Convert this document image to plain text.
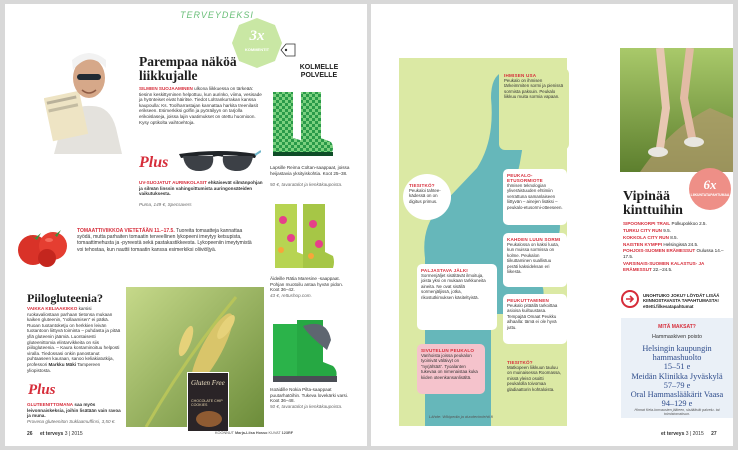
TERVEYDEKSI
3x
KOMMENTIT
Parempaa näköä liikkujalle
SILMIEN SUOJAAMINEN ulkona liikkuessa on tärkeää: tiesinn keskittyminen helpottuu, kun aurinko, viima, vesisade ja hyönteiset eivät häiritse. Tiedot Loltrankurrakan kanssa kaupoulla: Ks. Toolharrastajan kannattaa harkita treenilasit erikseen. Esimerkiksi golfin ja pyöräilyyn on tarjolla erikoislaseja, joissa lajin vaatimukset on otettu huomioon. Kysy optikolta vaihtoehtoja.
Plus
UV-SUOJATUT AURINKOLASIT ehkäisevät silmänpohjan ja silmän linssin vahingoittumista auringonsäteiden vaikutuksesta.
Puma, 149 €, Specsavers
TOMAATTIVIIKKOA VIETETÄÄN 11.–17.5. Tuoreita tomaatteja kannattaa syödä, mutta parhaiten tomaatin terveellinen lykopeeni imeytyy ketsupista, tomaattimehusta ja -pyreestä sekä pastakastikkeesta. Lykopeeniin imeytymistä voi tehostaa, kun nauttii tomaatin kanssa esimerkiksi oliiviöljyä.
Piilogluteenia?
VAIKKA KELIAAKIKKO karsisi ruokavaliostaan parhaan tietonsa mukaan kaiken gluteenin, “nollaamisen” ei pätkä. Ruoan tuotantoketju on herkkien leivän tuotantoon liittyvä toiminta – puhdasta ja pitää yllä gluteenin jäämiä. Luontaisesti gluteenittomia elintarvikkeita on siis piilogluteenia. – Kaura kontaminoituu helposti viralla. Tiedossasi onkin panostanut puhtaaseen kauraan, sanoo keliakiatutkija, professori Markku Mäki Tampereen yliopistosta.
Plus
GLUTEENITTOMANA saa myös leivonnaiskeksia, joihin lisätään vain ravoa ja muna.
Provena gluteeniton Suklaamuffinsi, 3,50 €.
Gluten Free
CHOCOLATE CHIP COOKIES
KOLMELLE POLVELLE
Lapsille Reima Coltan-saappaat, joissa heijastavia yksityiskohtia. Koot 25–38.
50 €, tavaratalot ja kenkäkaupoista.
Äideille Rätia Maresine -saappaat. Pohjan muotoilu antaa hyvän pidon. Koot 36–42.
43 €, rettushop.com.
Isoäidille Nokia Pilta-saappaat puutarhatöihin. Tukeva lovekärki varsi. Koot 36–48.
50 €, tavaratalot ja kenkäkaupoista.
26 et terveys 3 | 2015	KOONNUT Marja-Liisa Hosso KUVAT 123RF
IHMISEN USA
Peukalo on ihmisen tärkeimmiten sormi ja pienissä sormista paksuin. Peukalo liikkuu muita sormia vapaan.
TIESITKÖ?
Peukaloi tahtee-kädessä on on digitus primus.
PEUKALO-ETUSORMIOTE
Ihmisen teknologian yliveräistuuden ehtimiin verrattuna samanlaiseen liittyvän – ainejen lisäksi – peukalo-etusormi-otteeseen.
KAHDEN LUUN SORMI
Peukalossa on kaksi luuta, kun muissa sormissa on kolme. Peukalon tiikuttaminen suallistuu peräti kaksideksan eri liikesta.
PALJASTAVA JÄLKI
Sormenjäljet sisältävät ilmoituja, joista yksi on mukaan tarkkuneita aineita. Ne ovat sisällä sormenjäljissä, jotka, rikostutkimuksen käsiteltyistä.
PEUKUTTAMINEN
Peukalo pitäällä tarkoittaa asioisa kuiltuustasa. Tempajää Omaat Peukku alhaalla: tämä ei ole hyvä juttu.
SIVUTELUN PEUKALO
Vanhoista joissa peukalon tyoinivät väläivyt on “nyrjähtää”. Tyoalanten tukevaa on nimenaistaa kuka kiiden oteenkansanlisältä.
TIESITKÖ?
Matkopeen liikkuun tauluu on muinaisessa Roomassa, missä yleisö osoitti peukalolla toivomaa gladiaattorin kohtaloista.
Lähde: Wikipedia ja duodecimlehti.fi
Vipinää kinttuihin
6x
LIIKUNTATAPAHTUMAA
SIPOONKORPI TRAIL Polkupokkoo 2.5.
TURKU CITY RUN 9.5.
KOKKOLA CITY RUN 8.5.
NAISTEN KYMPPI Helsingissä 24.5.
POHJOIS-SUOMEN ERÄMESSUT Oulussa 14.–17.5.
VARSINAIS-SUOMEN KALASTUS- JA ERÄMESSUT 22.–24.5.
UNOHTUIKO JOKU? LÖYDÄT LISÄÄ KIINNOSTAVASTA TAPAHTUMASTA!
ettetti.fi/kesatapahtumat
MITÄ MAKSAT?
Hammaskiven poisto
Helsingin kaupungin
hammashuolto
15–51 e
Meidän Klinikka Jyväskylä
57–79 e
Oral Hammaslääkärit Vaasa
94–129 e
Hinnat Kela-korvausten jälkeen, sisältävät palvelu- tai toimistomaksun.
et terveys 3 | 2015 27
